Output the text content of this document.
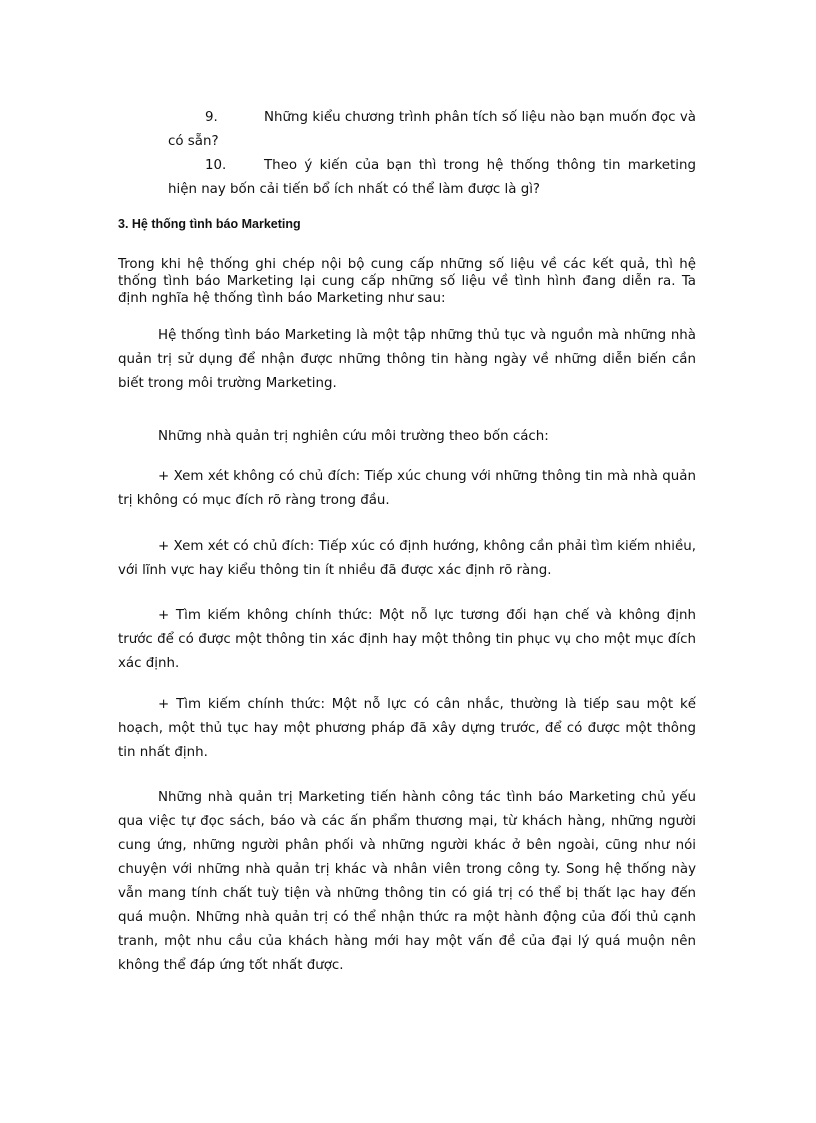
9.	Những kiểu chương trình phân tích số liệu nào bạn muốn đọc và
có sẵn?
10.	Theo ý kiến của bạn thì trong hệ thống thông tin marketing
hiện nay bốn cải tiến bổ ích nhất có thể làm được là gì?

3. Hệ thống tình báo Marketing

Trong khi hệ thống ghi chép nội bộ cung cấp những số liệu về các kết quả, thì hệ thống tình báo Marketing lại cung cấp những số liệu về tình hình đang diễn ra. Ta định nghĩa hệ thống tình báo Marketing như sau:

Hệ thống tình báo Marketing là một tập những thủ tục và nguồn mà những nhà quản trị sử dụng để nhận được những thông tin hàng ngày về những diễn biến cần biết trong môi trường Marketing.

Những nhà quản trị nghiên cứu môi trường theo bốn cách:

+ Xem xét không có chủ đích: Tiếp xúc chung với những thông tin mà nhà quản trị không có mục đích rõ ràng trong đầu.

+ Xem xét có chủ đích: Tiếp xúc có định hướng, không cần phải tìm kiếm nhiều, với lĩnh vực hay kiểu thông tin ít nhiều đã được xác định rõ ràng.

+ Tìm kiếm không chính thức: Một nỗ lực tương đối hạn chế và không định trước để có được một thông tin xác định hay một thông tin phục vụ cho một mục đích xác định.

+ Tìm kiếm chính thức: Một nỗ lực có cân nhắc, thường là tiếp sau một kế hoạch, một thủ tục hay một phương pháp đã xây dựng trước, để có được một thông tin nhất định.

Những nhà quản trị Marketing tiến hành công tác tình báo Marketing chủ yếu qua việc tự đọc sách, báo và các ấn phẩm thương mại, từ khách hàng, những người cung ứng, những người phân phối và những người khác ở bên ngoài, cũng như nói chuyện với những nhà quản trị khác và nhân viên trong công ty. Song hệ thống này vẫn mang tính chất tuỳ tiện và những thông tin có giá trị có thể bị thất lạc hay đến quá muộn. Những nhà quản trị có thể nhận thức ra một hành động của đối thủ cạnh tranh, một nhu cầu của khách hàng mới hay một vấn đề của đại lý quá muộn nên không thể đáp ứng tốt nhất được.
